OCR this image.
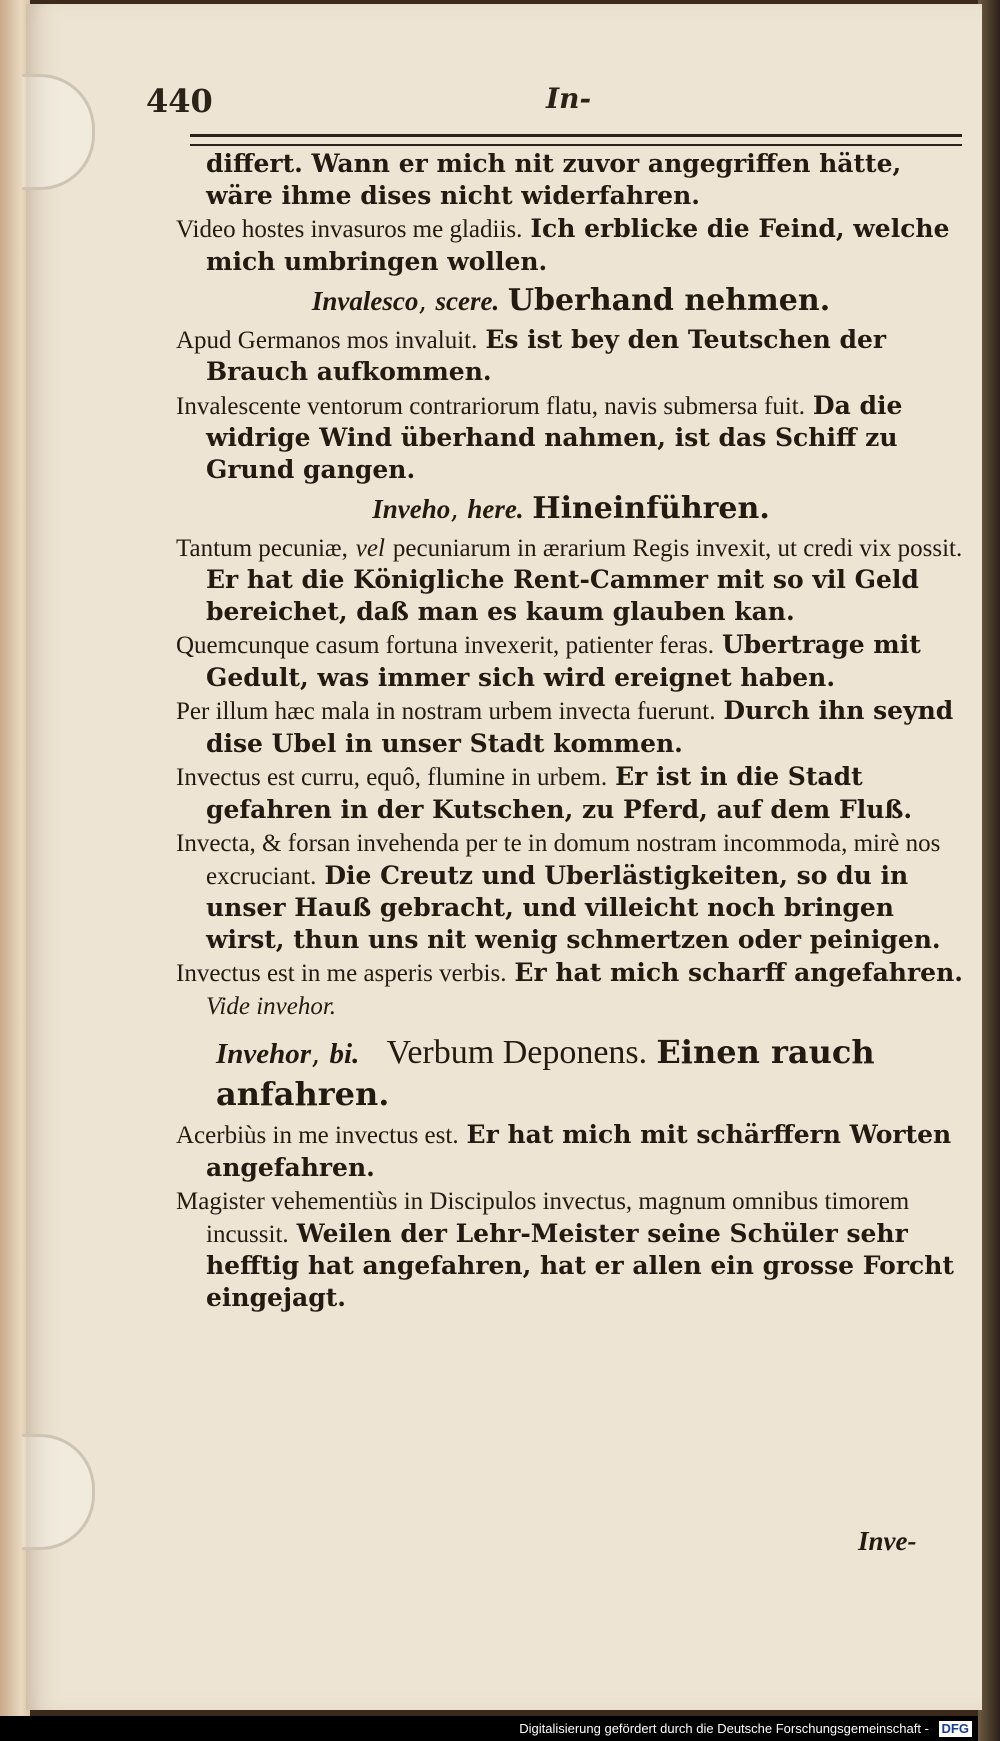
440	In-

differt. Wann er mich nit zuvor angegriffen hätte, wäre ihme dises nicht widerfahren.

Video hostes invasuros me gladiis. Ich erblicke die Feind, welche mich umbringen wollen.

Invalesco, scere. Uberhand nehmen.

Apud Germanos mos invaluit. Es ist bey den Teutschen der Brauch aufkommen.

Invalescente ventorum contrariorum flatu, navis submersa fuit. Da die widrige Wind überhand nahmen, ist das Schiff zu Grund gangen.

Inveho, here. Hineinführen.

Tantum pecuniæ, vel pecuniarum in ærarium Regis invexit, ut credi vix possit. Er hat die Königliche Rent-Cammer mit so vil Geld bereichet, daß man es kaum glauben kan.

Quemcunque casum fortuna invexerit, patienter feras. Ubertrage mit Gedult, was immer sich wird ereignet haben.

Per illum hæc mala in nostram urbem invecta fuerunt. Durch ihn seynd dise Ubel in unser Stadt kommen.

Invectus est curru, equô, flumine in urbem. Er ist in die Stadt gefahren in der Kutschen, zu Pferd, auf dem Fluß.

Invecta, & forsan invehenda per te in domum nostram incommoda, mirè nos excruciant. Die Creutz und Uberlästigkeiten, so du in unser Hauß gebracht, und villeicht noch bringen wirst, thun uns nit wenig schmertzen oder peinigen.

Invectus est in me asperis verbis. Er hat mich scharff angefahren. Vide invehor.

Invehor, bi. Verbum Deponens. Einen rauch anfahren.

Acerbiùs in me invectus est. Er hat mich mit schärffern Worten angefahren.

Magister vehementiùs in Discipulos invectus, magnum omnibus timorem incussit. Weilen der Lehr-Meister seine Schüler sehr hefftig hat angefahren, hat er allen ein grosse Forcht eingejagt.

Inve-
Digitalisierung gefördert durch die Deutsche Forschungsgemeinschaft - DFG
